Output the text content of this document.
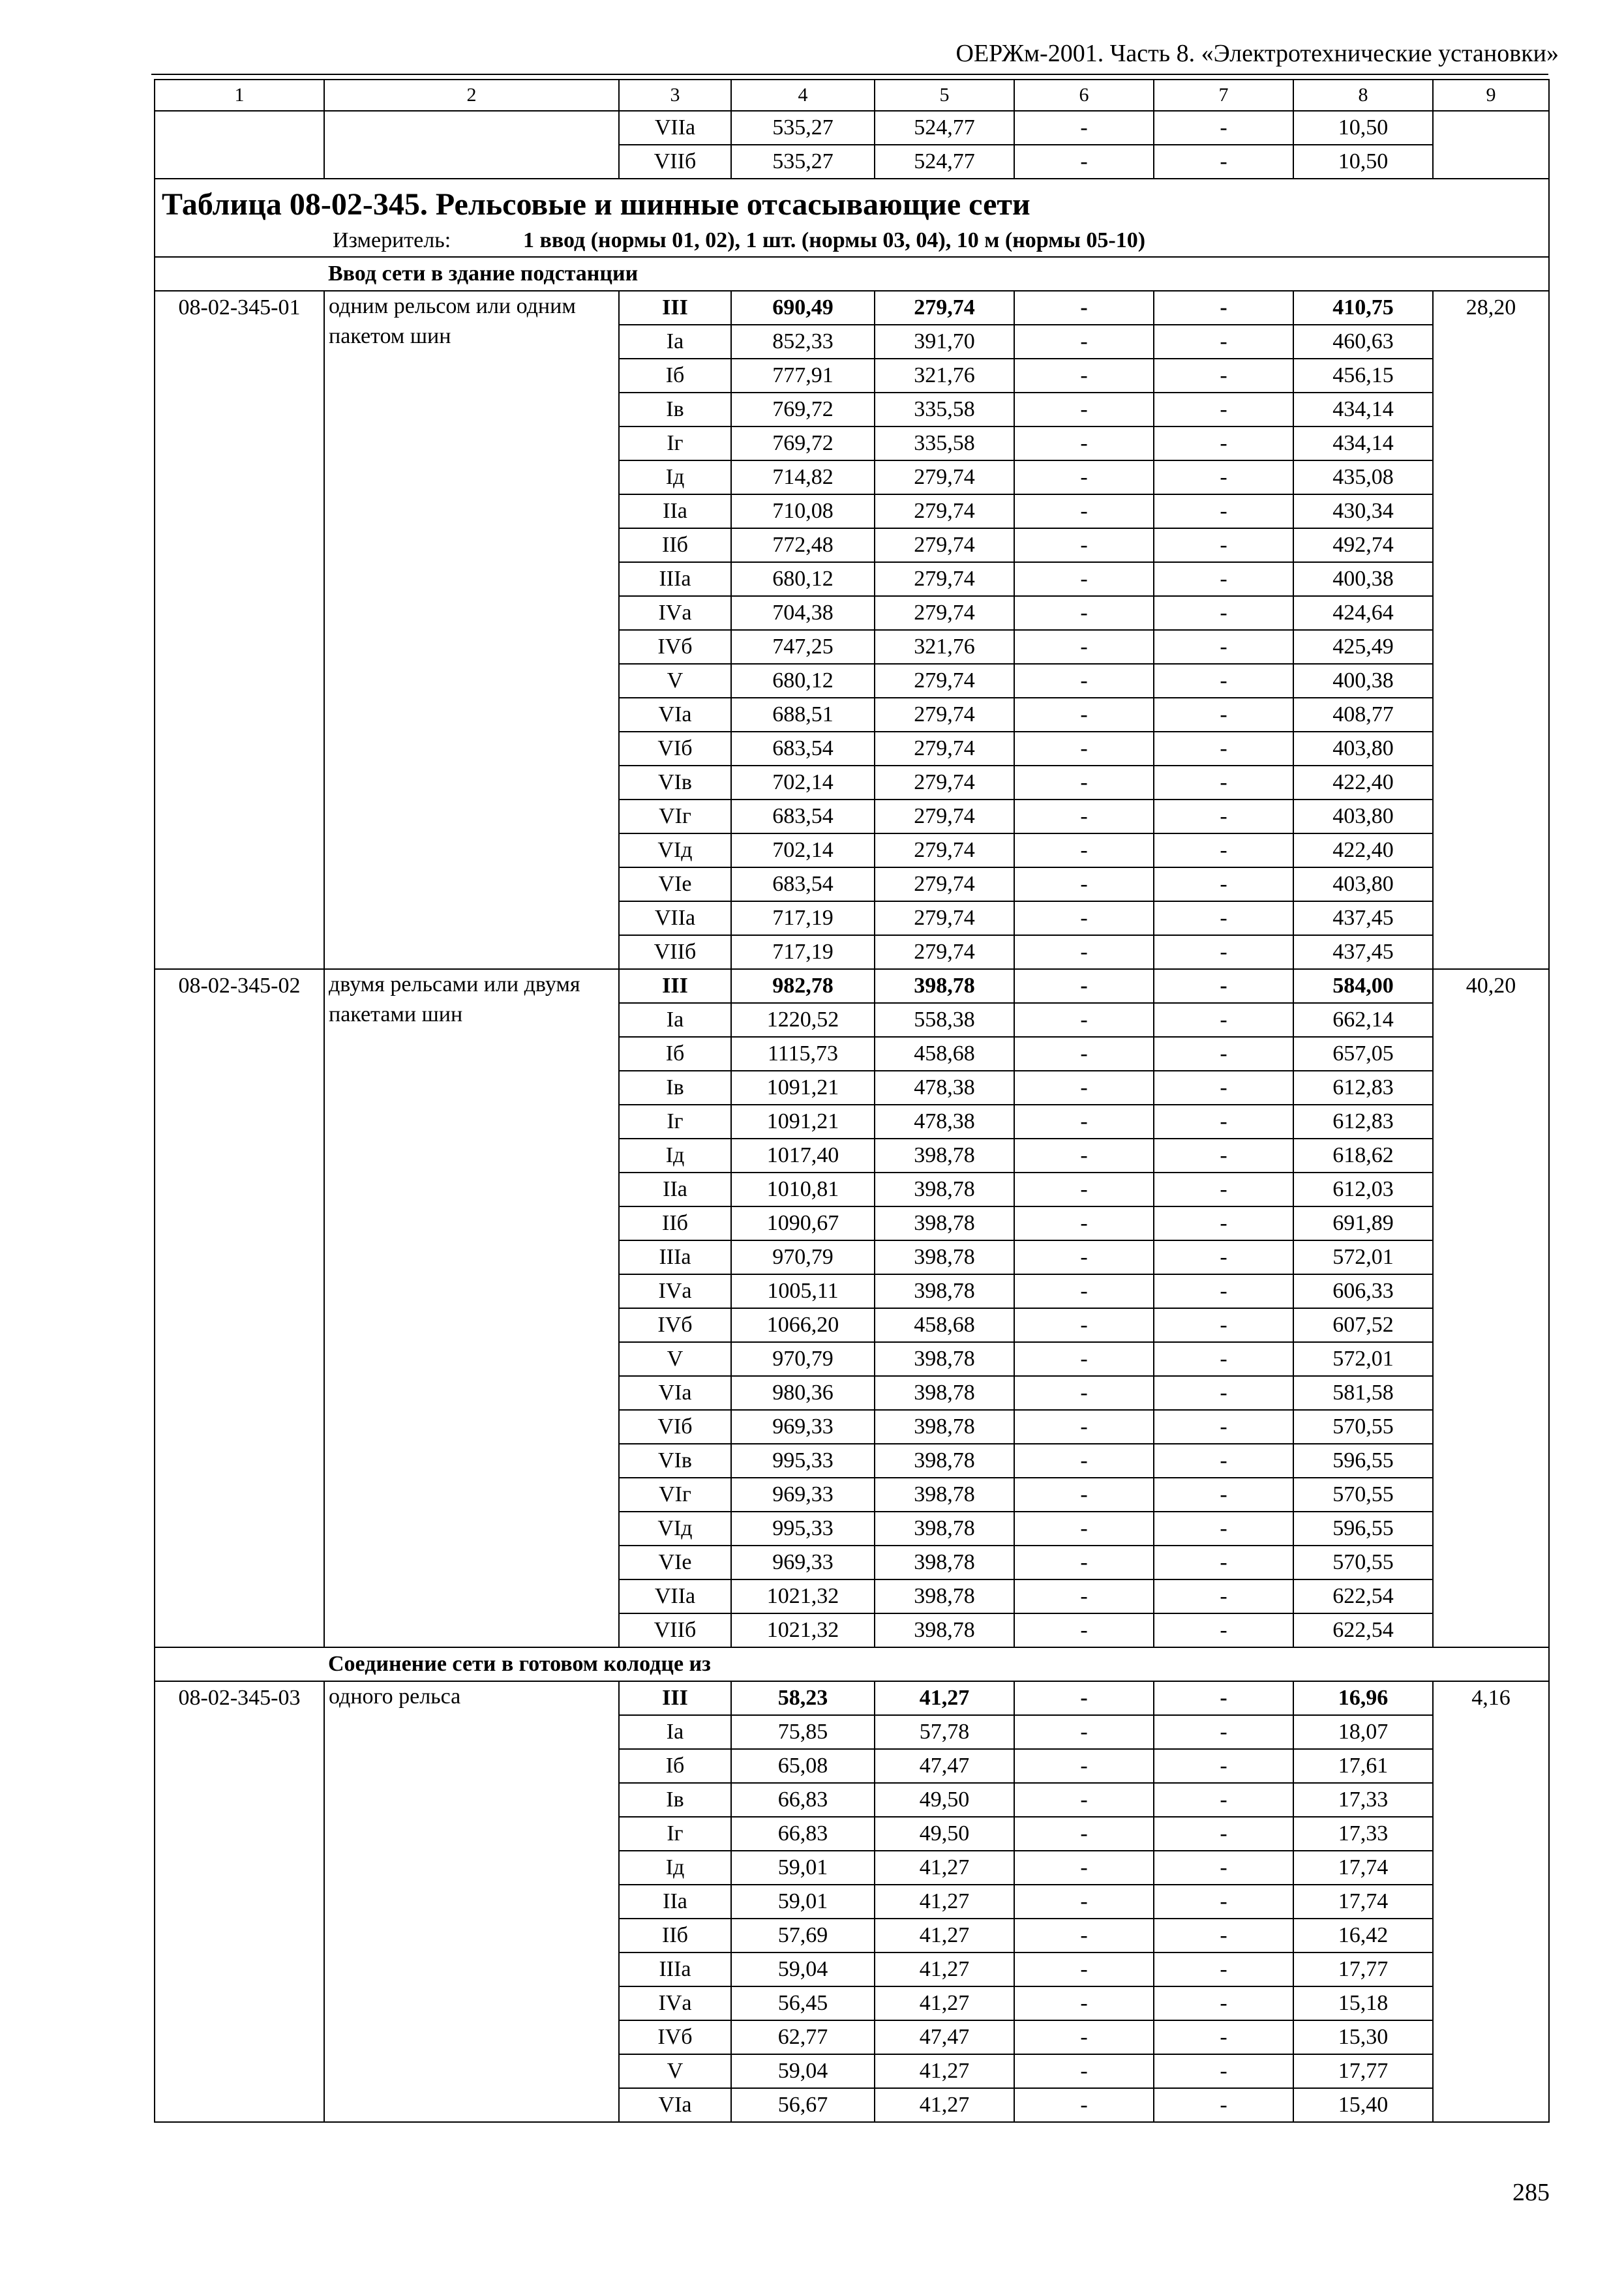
ОЕРЖм-2001. Часть 8. «Электротехнические установки»
1	2	3	4	5	6	7	8	9
		VIIа	535,27	524,77	-	-	10,50	
		VIIб	535,27	524,77	-	-	10,50	

Таблица 08-02-345. Рельсовые и шинные отсасывающие сети
Измеритель: 1 ввод (нормы 01, 02), 1 шт. (нормы 03, 04), 10 м (нормы 05-10)								

	Ввод сети в здание подстанции							
08-02-345-01	одним рельсом или одним пакетом шин	III	690,49	279,74	-	-	410,75	28,20
		Iа	852,33	391,70	-	-	460,63	
		Iб	777,91	321,76	-	-	456,15	
		Iв	769,72	335,58	-	-	434,14	
		Iг	769,72	335,58	-	-	434,14	
		Iд	714,82	279,74	-	-	435,08	
		IIа	710,08	279,74	-	-	430,34	
		IIб	772,48	279,74	-	-	492,74	
		IIIа	680,12	279,74	-	-	400,38	
		IVа	704,38	279,74	-	-	424,64	
		IVб	747,25	321,76	-	-	425,49	
		V	680,12	279,74	-	-	400,38	
		VIа	688,51	279,74	-	-	408,77	
		VIб	683,54	279,74	-	-	403,80	
		VIв	702,14	279,74	-	-	422,40	
		VIг	683,54	279,74	-	-	403,80	
		VIд	702,14	279,74	-	-	422,40	
		VIе	683,54	279,74	-	-	403,80	
		VIIа	717,19	279,74	-	-	437,45	
		VIIб	717,19	279,74	-	-	437,45	
08-02-345-02	двумя рельсами или двумя пакетами шин	III	982,78	398,78	-	-	584,00	40,20
		Iа	1220,52	558,38	-	-	662,14	
		Iб	1115,73	458,68	-	-	657,05	
		Iв	1091,21	478,38	-	-	612,83	
		Iг	1091,21	478,38	-	-	612,83	
		Iд	1017,40	398,78	-	-	618,62	
		IIа	1010,81	398,78	-	-	612,03	
		IIб	1090,67	398,78	-	-	691,89	
		IIIа	970,79	398,78	-	-	572,01	
		IVа	1005,11	398,78	-	-	606,33	
		IVб	1066,20	458,68	-	-	607,52	
		V	970,79	398,78	-	-	572,01	
		VIа	980,36	398,78	-	-	581,58	
		VIб	969,33	398,78	-	-	570,55	
		VIв	995,33	398,78	-	-	596,55	
		VIг	969,33	398,78	-	-	570,55	
		VIд	995,33	398,78	-	-	596,55	
		VIе	969,33	398,78	-	-	570,55	
		VIIа	1021,32	398,78	-	-	622,54	
		VIIб	1021,32	398,78	-	-	622,54	
	Соединение сети в готовом колодце из							
08-02-345-03	одного рельса	III	58,23	41,27	-	-	16,96	4,16
		Iа	75,85	57,78	-	-	18,07	
		Iб	65,08	47,47	-	-	17,61	
		Iв	66,83	49,50	-	-	17,33	
		Iг	66,83	49,50	-	-	17,33	
		Iд	59,01	41,27	-	-	17,74	
		IIа	59,01	41,27	-	-	17,74	
		IIб	57,69	41,27	-	-	16,42	
		IIIа	59,04	41,27	-	-	17,77	
		IVа	56,45	41,27	-	-	15,18	
		IVб	62,77	47,47	-	-	15,30	
		V	59,04	41,27	-	-	17,77	
		VIа	56,67	41,27	-	-	15,40	
285
